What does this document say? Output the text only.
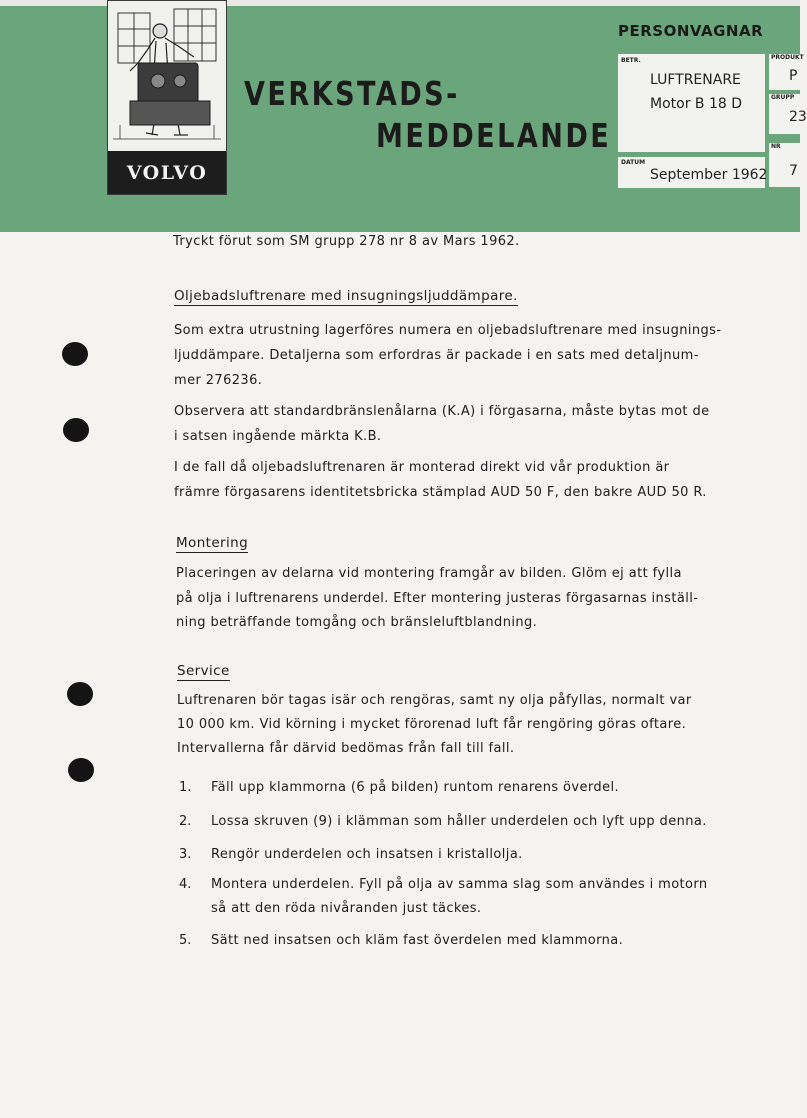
VOLVO
VERKSTADS-
MEDDELANDE
PERSONVAGNAR
BETR.
LUFTRENARE
Motor B 18 D
PRODUKT
P
GRUPP
23
NR
7
DATUM
September 1962
Tryckt förut som SM grupp 278 nr 8 av Mars 1962.
Oljebadsluftrenare med insugningsljuddämpare.
Som extra utrustning lagerföres numera en oljebadsluftrenare med insugnings-
ljuddämpare. Detaljerna som erfordras är packade i en sats med detaljnum-
mer 276236.
Observera att standardbränslenålarna (K.A) i förgasarna, måste bytas mot de
i satsen ingående märkta K.B.
I de fall då oljebadsluftrenaren är monterad direkt vid vår produktion är
främre förgasarens identitetsbricka stämplad AUD 50 F, den bakre AUD 50 R.
Montering
Placeringen av delarna vid montering framgår av bilden. Glöm ej att fylla
på olja i luftrenarens underdel. Efter montering justeras förgasarnas inställ-
ning beträffande tomgång och bränsleluftblandning.
Service
Luftrenaren bör tagas isär och rengöras, samt ny olja påfyllas, normalt var
10 000 km. Vid körning i mycket förorenad luft får rengöring göras oftare.
Intervallerna får därvid bedömas från fall till fall.
1. Fäll upp klammorna (6 på bilden) runtom renarens överdel.
2. Lossa skruven (9) i klämman som håller underdelen och lyft upp denna.
3. Rengör underdelen och insatsen i kristallolja.
4. Montera underdelen. Fyll på olja av samma slag som användes i motorn
så att den röda nivåranden just täckes.
5. Sätt ned insatsen och kläm fast överdelen med klammorna.
